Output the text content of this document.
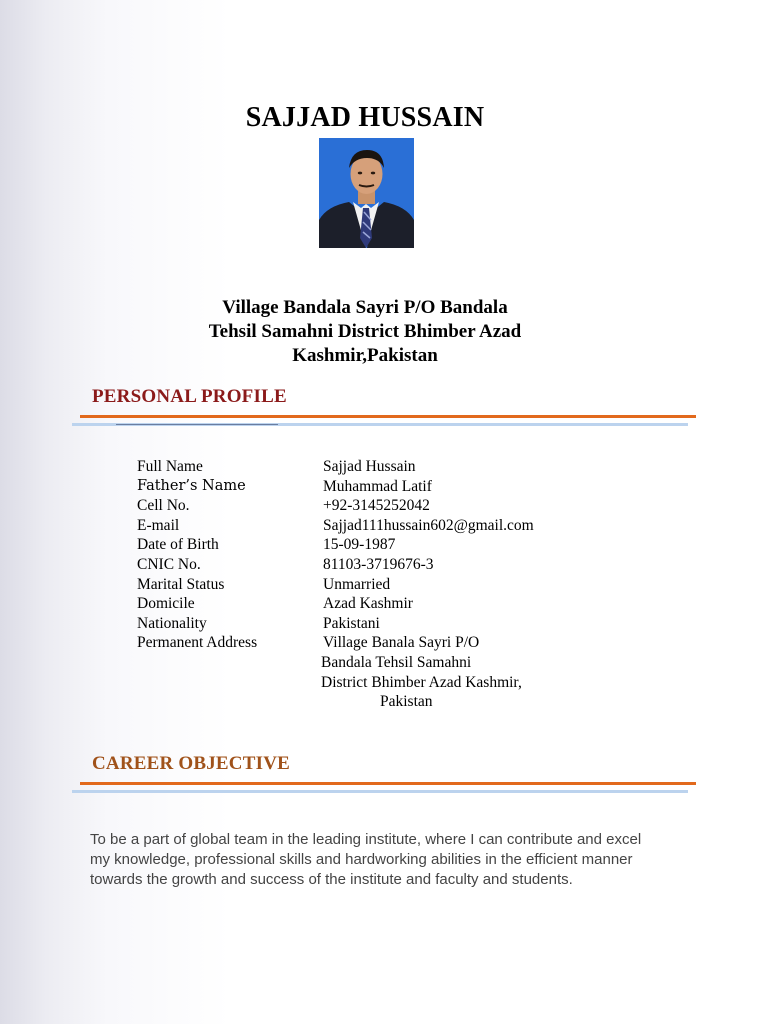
SAJJAD HUSSAIN
Village Bandala Sayri P/O Bandala
Tehsil Samahni District Bhimber Azad
Kashmir,Pakistan
PERSONAL PROFILE
Full Name	Sajjad Hussain
Father’s Name	Muhammad Latif
Cell No.	+92-3145252042
E-mail	Sajjad111hussain602@gmail.com
Date of Birth	15-09-1987
CNIC No.	81103-3719676-3
Marital Status	Unmarried
Domicile	Azad Kashmir
Nationality	Pakistani
Permanent Address	Village Banala Sayri P/O
Bandala Tehsil Samahni
District Bhimber Azad Kashmir,
Pakistan
CAREER OBJECTIVE
To be a part of global team in the leading institute, where I can contribute and excel my knowledge, professional skills and hardworking abilities in the efficient manner towards the growth and success of the institute and faculty and students.
